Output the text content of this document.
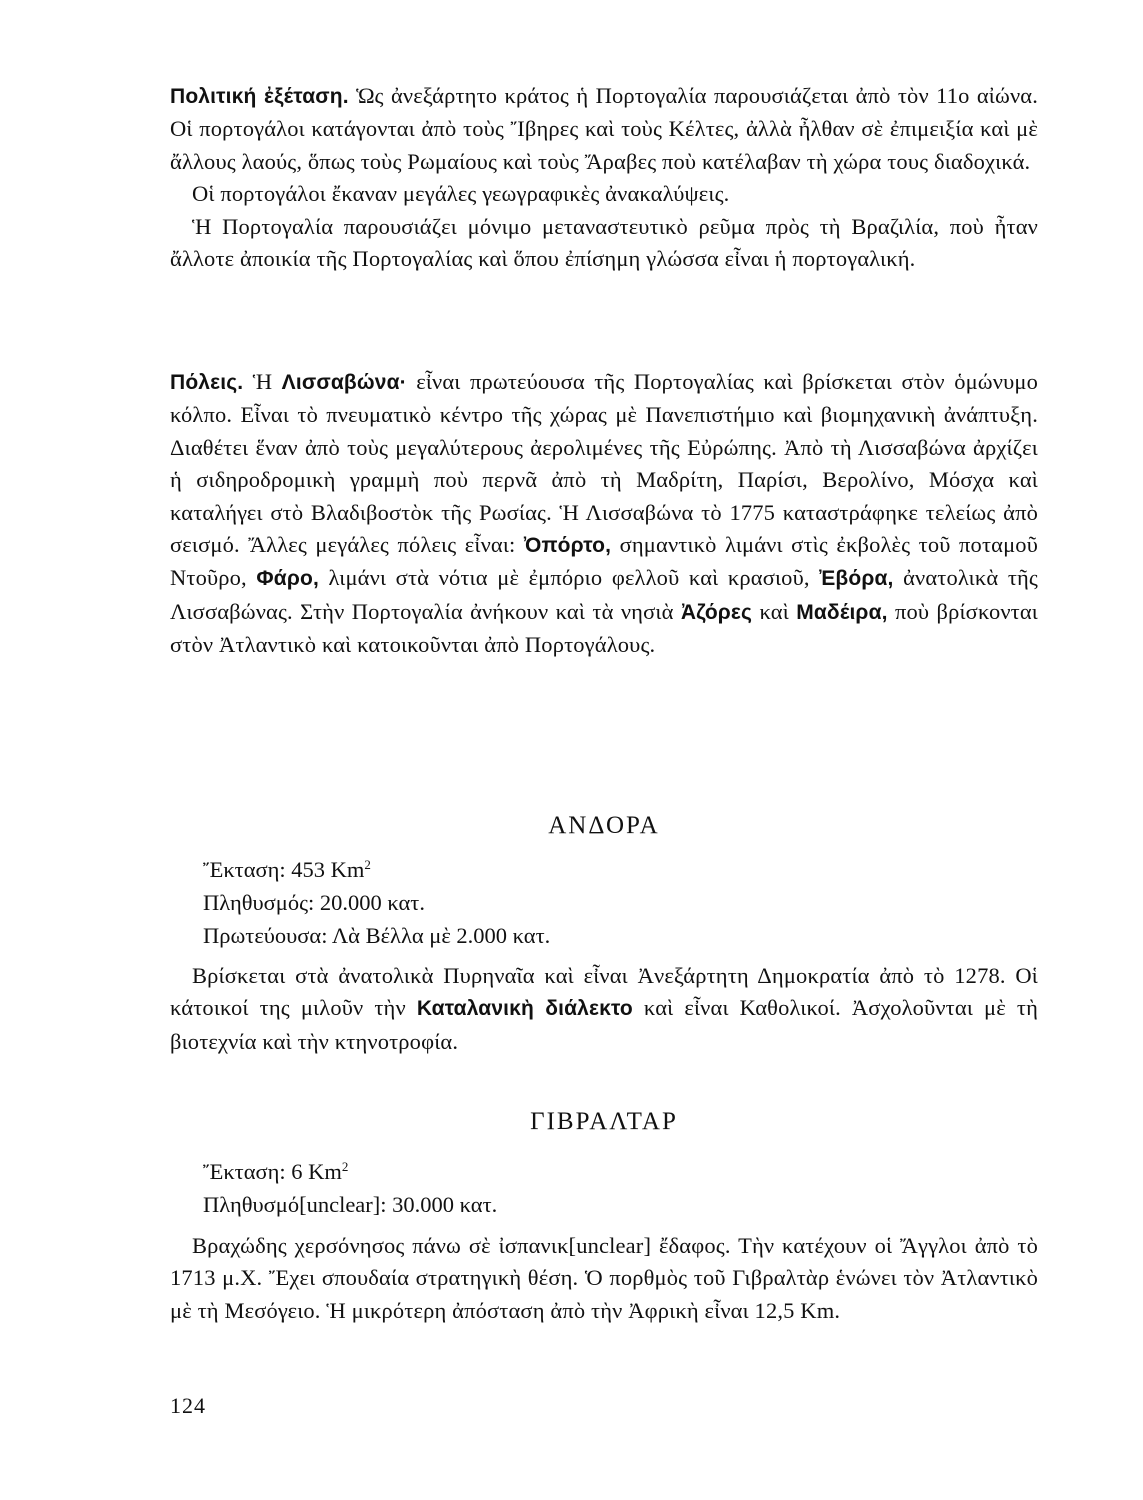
Πολιτική ἐξέταση. Ὡς ἀνεξάρτητο κράτος ἡ Πορτογαλία παρουσιάζεται ἀπὸ τὸν 11ο αἰώνα. Οἱ πορτογάλοι κατάγονται ἀπὸ τοὺς Ἴβηρες καὶ τοὺς Κέλτες, ἀλλὰ ἦλθαν σὲ ἐπιμειξία καὶ μὲ ἄλλους λαούς, ὅπως τοὺς Ρωμαίους καὶ τοὺς Ἄραβες ποὺ κατέλαβαν τὴ χώρα τους διαδοχικά.

Οἱ πορτογάλοι ἔκαναν μεγάλες γεωγραφικὲς ἀνακαλύψεις.

Ἡ Πορτογαλία παρουσιάζει μόνιμο μεταναστευτικὸ ρεῦμα πρὸς τὴ Βραζιλία, ποὺ ἦταν ἄλλοτε ἀποικία τῆς Πορτογαλίας καὶ ὅπου ἐπίσημη γλώσσα εἶναι ἡ πορτογαλική.

Πόλεις. Ἡ Λισσαβώνα· εἶναι πρωτεύουσα τῆς Πορτογαλίας καὶ βρίσκεται στὸν ὁμώνυμο κόλπο. Εἶναι τὸ πνευματικὸ κέντρο τῆς χώρας μὲ Πανεπιστήμιο καὶ βιομηχανικὴ ἀνάπτυξη. Διαθέτει ἕναν ἀπὸ τοὺς μεγαλύτερους ἀερολιμένες τῆς Εὐρώπης. Ἀπὸ τὴ Λισσαβώνα ἀρχίζει ἡ σιδηροδρομικὴ γραμμὴ ποὺ περνᾶ ἀπὸ τὴ Μαδρίτη, Παρίσι, Βερολίνο, Μόσχα καὶ καταλήγει στὸ Βλαδιβοστὸκ τῆς Ρωσίας. Ἡ Λισσαβώνα τὸ 1775 καταστράφηκε τελείως ἀπὸ σεισμό. Ἄλλες μεγάλες πόλεις εἶναι: Ὀπόρτο, σημαντικὸ λιμάνι στὶς ἐκβολὲς τοῦ ποταμοῦ Ντοῦρο, Φάρο, λιμάνι στὰ νότια μὲ ἐμπόριο φελλοῦ καὶ κρασιοῦ, Ἐβόρα, ἀνατολικὰ τῆς Λισσαβώνας. Στὴν Πορτογαλία ἀνήκουν καὶ τὰ νησιὰ Ἀζόρες καὶ Μαδέιρα, ποὺ βρίσκονται στὸν Ἀτλαντικὸ καὶ κατοικοῦνται ἀπὸ Πορτογάλους.

ΑΝΔΟΡΑ
Ἔκταση: 453 Km$^2$
Πληθυσμός: 20.000 κατ.
Πρωτεύουσα: Λὰ Βέλλα μὲ 2.000 κατ.

Βρίσκεται στὰ ἀνατολικὰ Πυρηναῖα καὶ εἶναι Ἀνεξάρτητη Δημοκρατία ἀπὸ τὸ 1278. Οἱ κάτοικοί της μιλοῦν τὴν Καταλανικὴ διάλεκτο καὶ εἶναι Καθολικοί. Ἀσχολοῦνται μὲ τὴ βιοτεχνία καὶ τὴν κτηνοτροφία.

ΓΙΒΡΑΛΤΑΡ
Ἔκταση: 6 Km$^2$
Πληθυσμό[unclear]: 30.000 κατ.

Βραχώδης χερσόνησος πάνω σὲ ἰσπανικ[unclear] ἔδαφος. Τὴν κατέχουν οἱ Ἄγγλοι ἀπὸ τὸ 1713 μ.Χ. Ἔχει σπουδαία στρατηγικὴ θέση. Ὁ πορθμὸς τοῦ Γιβραλτὰρ ἑνώνει τὸν Ἀτλαντικὸ μὲ τὴ Μεσόγειο. Ἡ μικρότερη ἀπόσταση ἀπὸ τὴν Ἀφρικὴ εἶναι 12,5 Km.

124
